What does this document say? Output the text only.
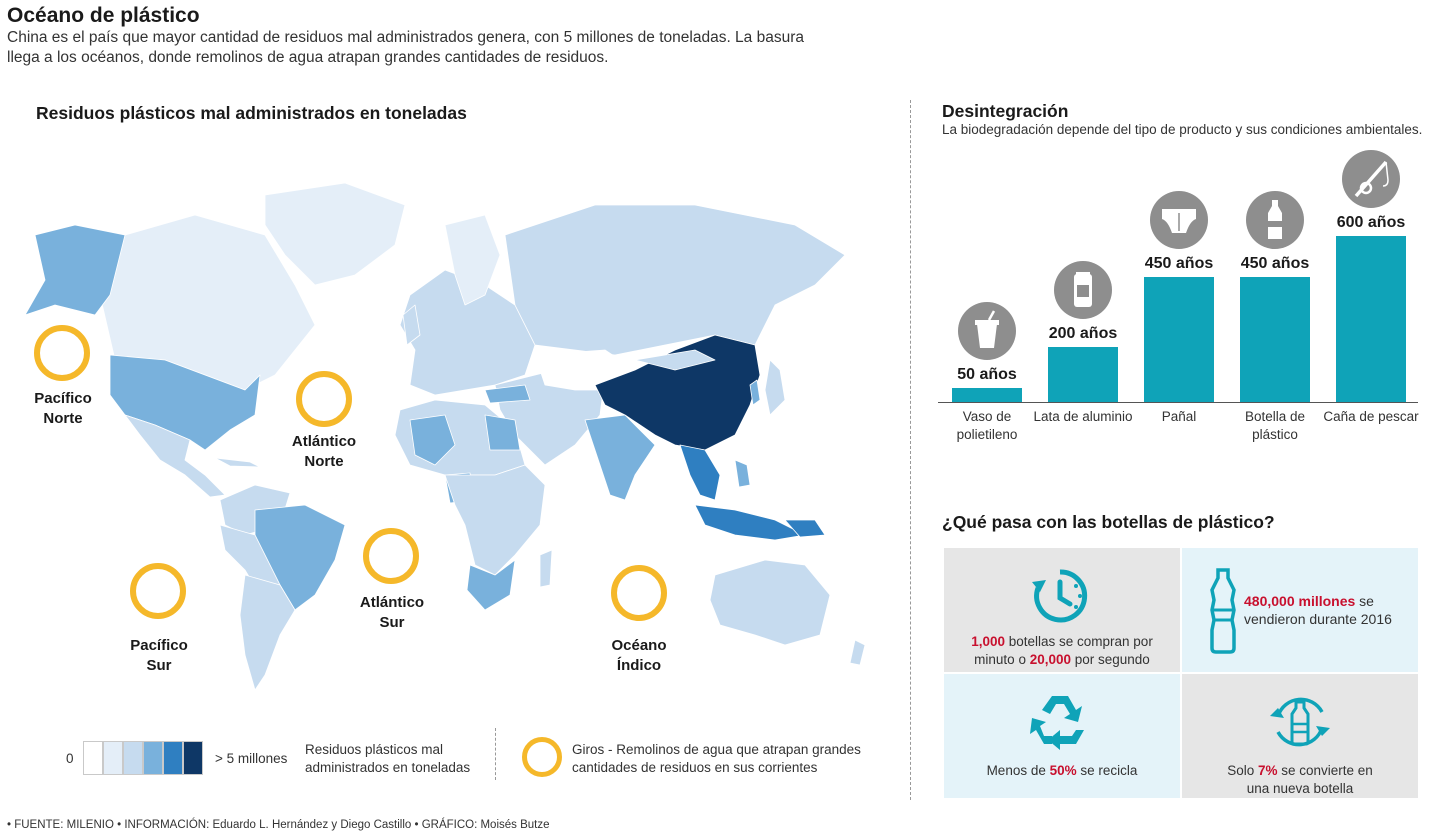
Océano de plástico
China es el país que mayor cantidad de residuos mal administrados genera, con 5 millones de toneladas. La basura llega a los océanos, donde remolinos de agua atrapan grandes cantidades de residuos.
Residuos plásticos mal administrados en toneladas
Pacífico
Norte
Atlántico
Norte
Atlántico
Sur
Pacífico
Sur
Océano
Índico
0	> 5 millones
Residuos plásticos mal administrados en toneladas
Giros - Remolinos de agua que atrapan grandes cantidades de residuos en sus corrientes
Desintegración
La biodegradación depende del tipo de producto y sus condiciones ambientales.
50 años
Vaso de polietileno
200 años
Lata de aluminio
450 años
Pañal
450 años
Botella de plástico
600 años
Caña de pescar
¿Qué pasa con las botellas de plástico?
1,000 botellas se compran por
minuto o 20,000 por segundo
480,000 millones se
vendieron durante 2016
Menos de 50% se recicla	Solo 7% se convierte en
una nueva botella
• FUENTE: MILENIO • INFORMACIÓN: Eduardo L. Hernández y Diego Castillo • GRÁFICO: Moisés Butze
